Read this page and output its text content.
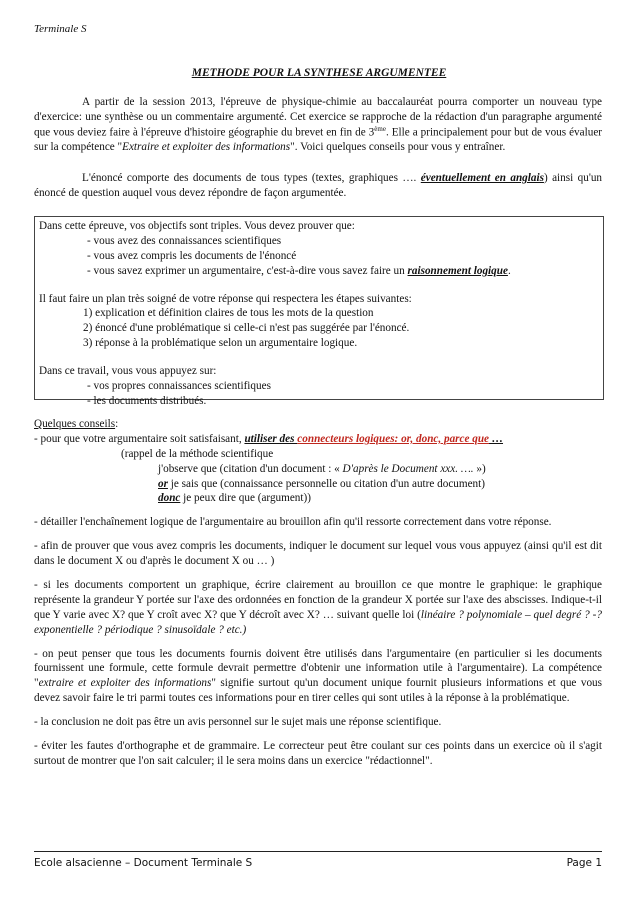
Terminale S
METHODE POUR LA SYNTHESE ARGUMENTEE
A partir de la session 2013, l'épreuve de physique-chimie au baccalauréat pourra comporter un nouveau type d'exercice: une synthèse ou un commentaire argumenté. Cet exercice se rapproche de la rédaction d'un paragraphe argumenté que vous deviez faire à l'épreuve d'histoire géographie du brevet en fin de 3ème. Elle a principalement pour but de vous évaluer sur la compétence "Extraire et exploiter des informations". Voici quelques conseils pour vous y entraîner.
L'énoncé comporte des documents de tous types (textes, graphiques …. éventuellement en anglais) ainsi qu'un énoncé de question auquel vous devez répondre de façon argumentée.

Dans cette épreuve, vos objectifs sont triples. Vous devez prouver que:

- vous avez des connaissances scientifiques

- vous avez compris les documents de l'énoncé

- vous savez exprimer un argumentaire, c'est-à-dire vous savez faire un raisonnement logique.

Il faut faire un plan très soigné de votre réponse qui respectera les étapes suivantes:

1) explication et définition claires de tous les mots de la question

2) énoncé d'une problématique si celle-ci n'est pas suggérée par l'énoncé.

3) réponse à la problématique selon un argumentaire logique.

Dans ce travail, vous vous appuyez sur:

- vos propres connaissances scientifiques

- les documents distribués.

Quelques conseils:

- pour que votre argumentaire soit satisfaisant, utiliser des connecteurs logiques: or, donc, parce que …

(rappel de la méthode scientifique

j'observe que (citation d'un document : « D'après le Document xxx. …. »)

or je sais que (connaissance personnelle ou citation d'un autre document)

donc je peux dire que (argument))

- détailler l'enchaînement logique de l'argumentaire au brouillon afin qu'il ressorte correctement dans votre réponse.

- afin de prouver que vous avez compris les documents, indiquer le document sur lequel vous vous appuyez (ainsi qu'il est dit dans le document X ou d'après le document X ou … )

- si les documents comportent un graphique, écrire clairement au brouillon ce que montre le graphique: le graphique représente la grandeur Y portée sur l'axe des ordonnées en fonction de la grandeur X portée sur l'axe des abscisses. Indique-t-il que Y varie avec X? que Y croît avec X? que Y décroît avec X? … suivant quelle loi (linéaire ? polynomiale – quel degré ? -? exponentielle ? périodique ? sinusoïdale ? etc.)

- on peut penser que tous les documents fournis doivent être utilisés dans l'argumentaire (en particulier si les documents fournissent une formule, cette formule devrait permettre d'obtenir une information utile à l'argumentaire). La compétence "extraire et exploiter des informations" signifie surtout qu'un document unique fournit plusieurs informations et que vous devez savoir faire le tri parmi toutes ces informations pour en tirer celles qui sont utiles à la réponse à la problématique.

- la conclusion ne doit pas être un avis personnel sur le sujet mais une réponse scientifique.

- éviter les fautes d'orthographe et de grammaire. Le correcteur peut être coulant sur ces points dans un exercice où il s'agit surtout de montrer que l'on sait calculer; il le sera moins dans un exercice "rédactionnel".

Ecole alsacienne – Document Terminale S	Page 1
